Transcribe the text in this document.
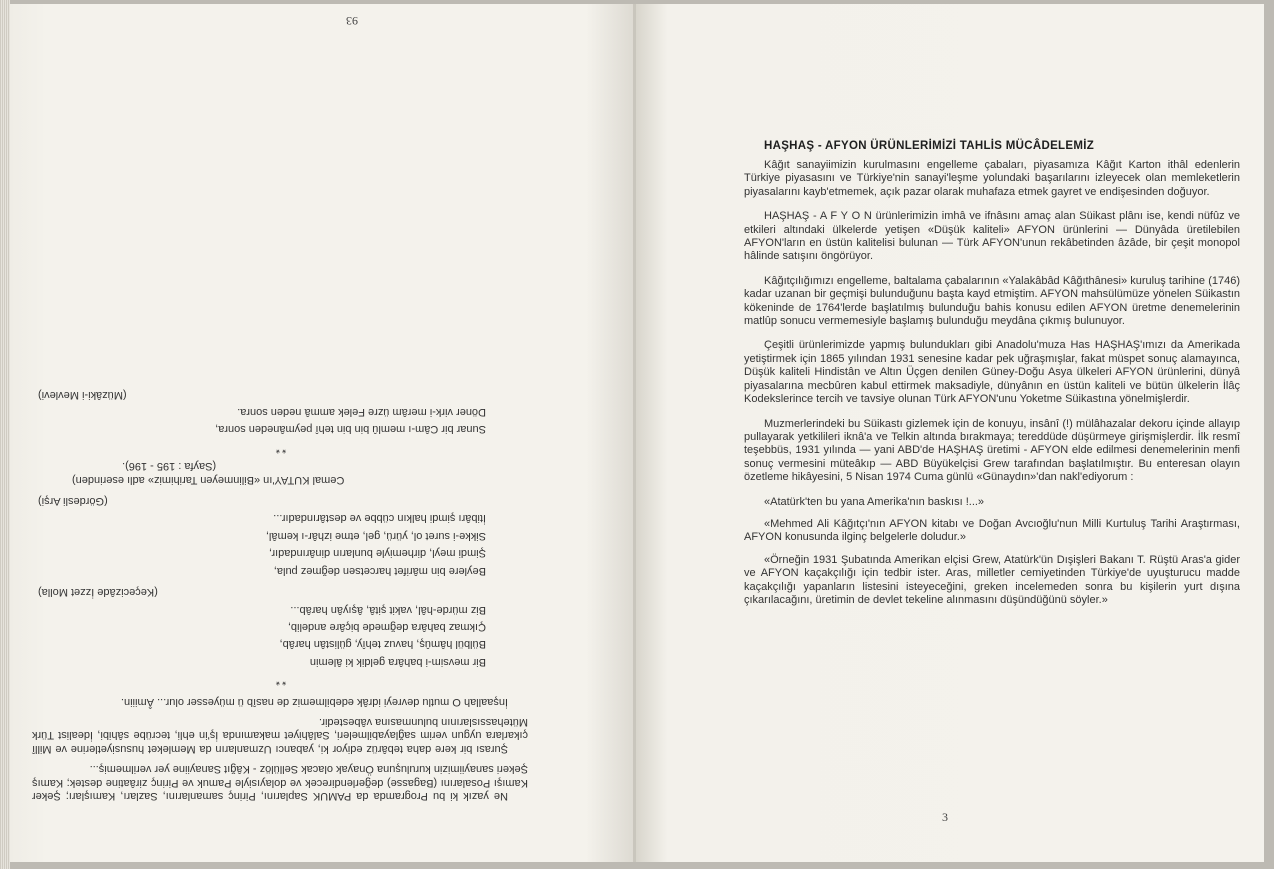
93

Ne yazık ki bu Programda da PAMUK Saplarını, Pirinç samanlarını, Sazları, Kamışları; Şeker Kamışı Posalarını (Bagasse) değerlendirecek ve dolayısiyle Pamuk ve Pirinç zirâatine destek; Kamış Şekeri sanayiimizin kuruluşuna Önayak olacak Sellülöz - Kâğıt Sanayiine yer verilmemiş...

Şurası bir kere daha tebârüz ediyor ki, yabancı Uzmanların da Memleket hususiyetlerine ve Millî çıkarlara uygun verim sağlayabilmeleri, Salâhiyet makamında İş'in ehli, tecrübe sâhibi, İdealist Türk Mütehassıslarının bulunmasına vâbestedir.

İnşaallah O mutlu devreyi idrâk edebilmemiz de nasîb ü müyesser olur... Âmiiin.

**

Bir mevsim-i bahâra geldik ki âlemin

Bülbül hâmûş, havuz tehîy, gülistân harâb,

Çıkmaz bahâra değmede biçâre andelib,

Biz mürde-hâl, vakit şitâ, âşıyân harâb...

(Keçecizâde İzzet Molla)

Beylere bin mârifet harcetsen değmez pula,

Şimdi meyl, dirhemiyle bunların dinârındadır,

Sikke-i suret ol, yürü, gel, etme izhâr-ı kemâl,

İtibârı şimdi halkın cübbe ve destârındadır...

(Gördesli Arşi)

Cemal KUTAY'ın «Bilinmeyen Tarihimiz» adlı eserinden)

(Sayfa : 195 - 196).

**

Sunar bir Câm-ı memlû bin bin tehî peymâneden sonra,

Döner virk-i merâm üzre Felek ammâ neden sonra.

(Müzâki-i Mevlevi)

HAŞHAŞ - AFYON ÜRÜNLERİMİZİ TAHLİS MÜCÂDELEMİZ

Kâğıt sanayiimizin kurulmasını engelleme çabaları, piyasamıza Kâğıt Karton ithâl edenlerin Türkiye piyasasını ve Türkiye'nin sanayi'leşme yolundaki başarılarını izleyecek olan memleketlerin piyasalarını kayb'etmemek, açık pazar olarak muhafaza etmek gayret ve endişesinden doğuyor.

HAŞHAŞ - A F Y O N ürünlerimizin imhâ ve ifnâsını amaç alan Süikast plânı ise, kendi nüfûz ve etkileri altındaki ülkelerde yetişen «Düşük kaliteli» AFYON ürünlerini — Dünyâda üretilebilen AFYON'ların en üstün kalitelisi bulunan — Türk AFYON'unun rekâbetinden âzâde, bir çeşit monopol hâlinde satışını öngörüyor.

Kâğıtçılığımızı engelleme, baltalama çabalarının «Yalakâbâd Kâğıthânesi» kuruluş tarihine (1746) kadar uzanan bir geçmişi bulunduğunu başta kayd etmiştim. AFYON mahsülümüze yönelen Süikastın kökeninde de 1764'lerde başlatılmış bulunduğu bahis konusu edilen AFYON üretme denemelerinin matlûp sonucu vermemesiyle başlamış bulunduğu meydâna çıkmış bulunuyor.

Çeşitli ürünlerimizde yapmış bulundukları gibi Anadolu'muza Has HAŞHAŞ'ımızı da Amerikada yetiştirmek için 1865 yılından 1931 senesine kadar pek uğraşmışlar, fakat müspet sonuç alamayınca, Düşük kaliteli Hindistân ve Altın Üçgen denilen Güney-Doğu Asya ülkeleri AFYON ürünlerini, dünyâ piyasalarına mecbûren kabul ettirmek maksadiyle, dünyânın en üstün kaliteli ve bütün ülkelerin İlâç Kodekslerince tercih ve tavsiye olunan Türk AFYON'unu Yoketme Süikastına yönelmişlerdir.

Muzmerlerindeki bu Süikastı gizlemek için de konuyu, insânî (!) mülâhazalar dekoru içinde allayıp pullayarak yetkilileri iknâ'a ve Telkin altında bırakmaya; tereddüde düşürmeye girişmişlerdir. İlk resmî teşebbüs, 1931 yılında — yani ABD'de HAŞHAŞ üretimi - AFYON elde edilmesi denemelerinin menfi sonuç vermesini müteâkıp — ABD Büyükelçisi Grew tarafından başlatılmıştır. Bu enteresan olayın özetleme hikâyesini, 5 Nisan 1974 Cuma günlü «Günaydın»'dan nakl'ediyorum :

«Atatürk'ten bu yana Amerika'nın baskısı !...»

«Mehmed Ali Kâğıtçı'nın AFYON kitabı ve Doğan Avcıoğlu'nun Milli Kurtuluş Tarihi Araştırması, AFYON konusunda ilginç belgelerle doludur.»

«Örneğin 1931 Şubatında Amerikan elçisi Grew, Atatürk'ün Dışişleri Bakanı T. Rüştü Aras'a gider ve AFYON kaçakçılığı için tedbir ister. Aras, milletler cemiyetinden Türkiye'de uyuşturucu madde kaçakçılığı yapanların listesini isteyeceğini, greken incelemeden sonra bu kişilerin yurt dışına çıkarılacağını, üretimin de devlet tekeline alınmasını düşündüğünü söyler.»

3
